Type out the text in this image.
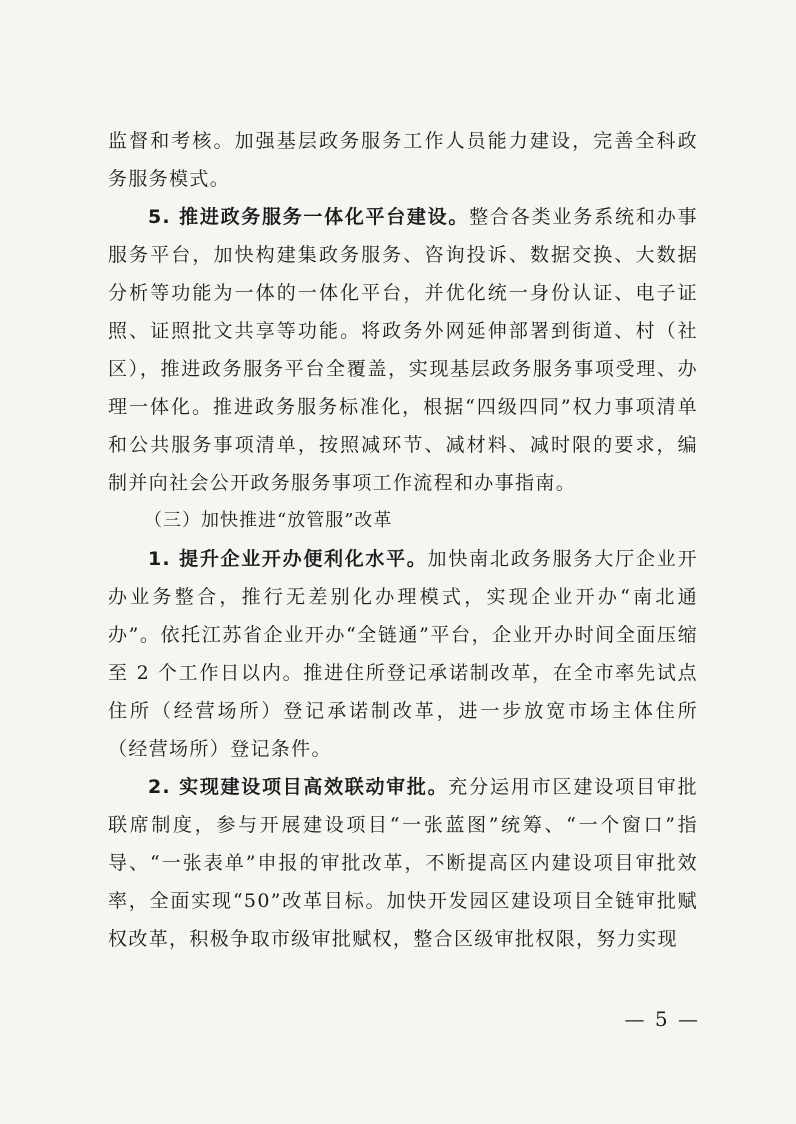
监督和考核。加强基层政务服务工作人员能力建设，完善全科政务服务模式。

5. 推进政务服务一体化平台建设。整合各类业务系统和办事服务平台，加快构建集政务服务、咨询投诉、数据交换、大数据分析等功能为一体的一体化平台，并优化统一身份认证、电子证照、证照批文共享等功能。将政务外网延伸部署到街道、村（社区），推进政务服务平台全覆盖，实现基层政务服务事项受理、办理一体化。推进政务服务标准化，根据“四级四同”权力事项清单和公共服务事项清单，按照减环节、减材料、减时限的要求，编制并向社会公开政务服务事项工作流程和办事指南。

（三）加快推进“放管服”改革

1. 提升企业开办便利化水平。加快南北政务服务大厅企业开办业务整合，推行无差别化办理模式，实现企业开办“南北通办”。依托江苏省企业开办“全链通”平台，企业开办时间全面压缩至 2 个工作日以内。推进住所登记承诺制改革，在全市率先试点住所（经营场所）登记承诺制改革，进一步放宽市场主体住所（经营场所）登记条件。

2. 实现建设项目高效联动审批。充分运用市区建设项目审批联席制度，参与开展建设项目“一张蓝图”统筹、“一个窗口”指导、“一张表单”申报的审批改革，不断提高区内建设项目审批效率，全面实现“50”改革目标。加快开发园区建设项目全链审批赋权改革，积极争取市级审批赋权，整合区级审批权限，努力实现

— 5 —
